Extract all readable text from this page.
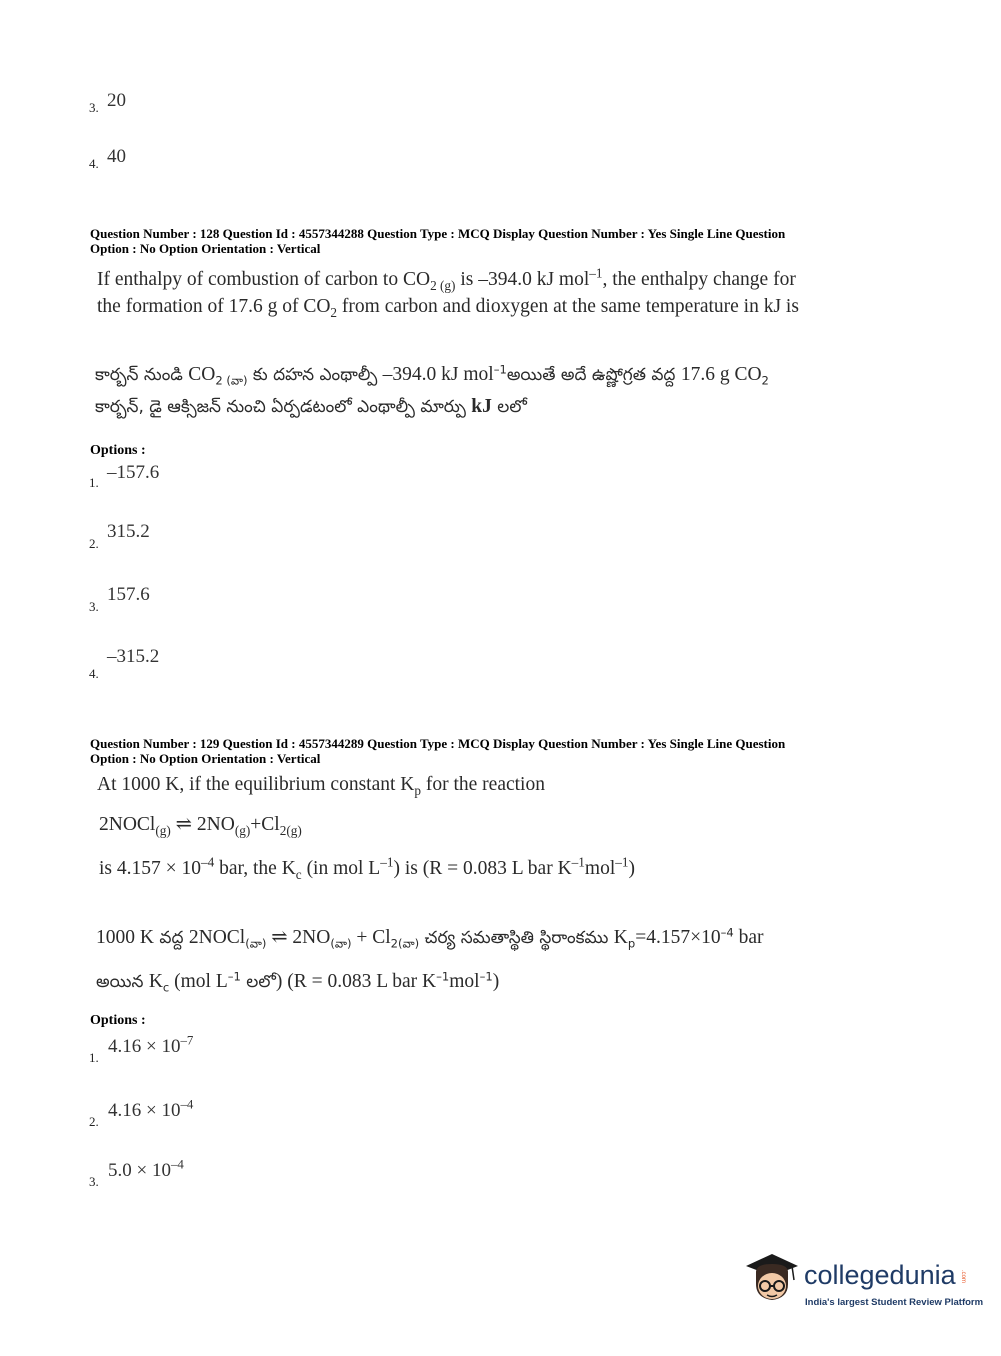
3. 20
4. 40
Question Number : 128 Question Id : 4557344288 Question Type : MCQ Display Question Number : Yes Single Line Question
Option : No Option Orientation : Vertical
If enthalpy of combustion of carbon to $CO_{2 (g)}$ is –394.0 kJ mol$^{-1}$, the enthalpy change for
the formation of 17.6 g of $CO_2$ from carbon and dioxygen at the same temperature in kJ is
కార్బన్ నుండి $CO_{2 (వా)}$ కు దహన ఎంథాల్పీ –394.0 kJ mol$^{-1}$అయితే అదే ఉష్ణోగ్రత వద్ద 17.6 g $CO_2$
కార్బన్, డై ఆక్సిజన్ నుంచి ఏర్పడటంలో ఎంథాల్పీ మార్పు kJ లలో
Options :
1. –157.6
2.
315.2
3.
157.6
4.
–315.2
Question Number : 129 Question Id : 4557344289 Question Type : MCQ Display Question Number : Yes Single Line Question
Option : No Option Orientation : Vertical
At 1000 K, if the equilibrium constant $K_p$ for the reaction
2NOCl$_{(g)}$ ⇌ $2NO_{(g)}+Cl_{2(g)}$
is $4.157 \times 10^{-4}$ bar, the $K_c$ (in mol $L^{-1}$) is (R = 0.083 L bar $K^{-1}mol^{-1}$)
1000 K వద్ద 2NOCl$_{(వా)}$ ⇌ $2NO_{(వా)} + Cl_{2(వా)}$ చర్య సమతాస్థితి స్థిరాంకము $K_p=4.157\times 10^{-4}$ bar
అయిన $K_c$ (mol $L^{-1}$ లలో) (R = 0.083 L bar $K^{-1}mol^{-1}$)
Options :
1.
$4.16 \times 10^{-7}$
2.
$4.16 \times 10^{-4}$
3.
$5.0 \times 10^{-4}$
collegedunia .com
India's largest Student Review Platform
